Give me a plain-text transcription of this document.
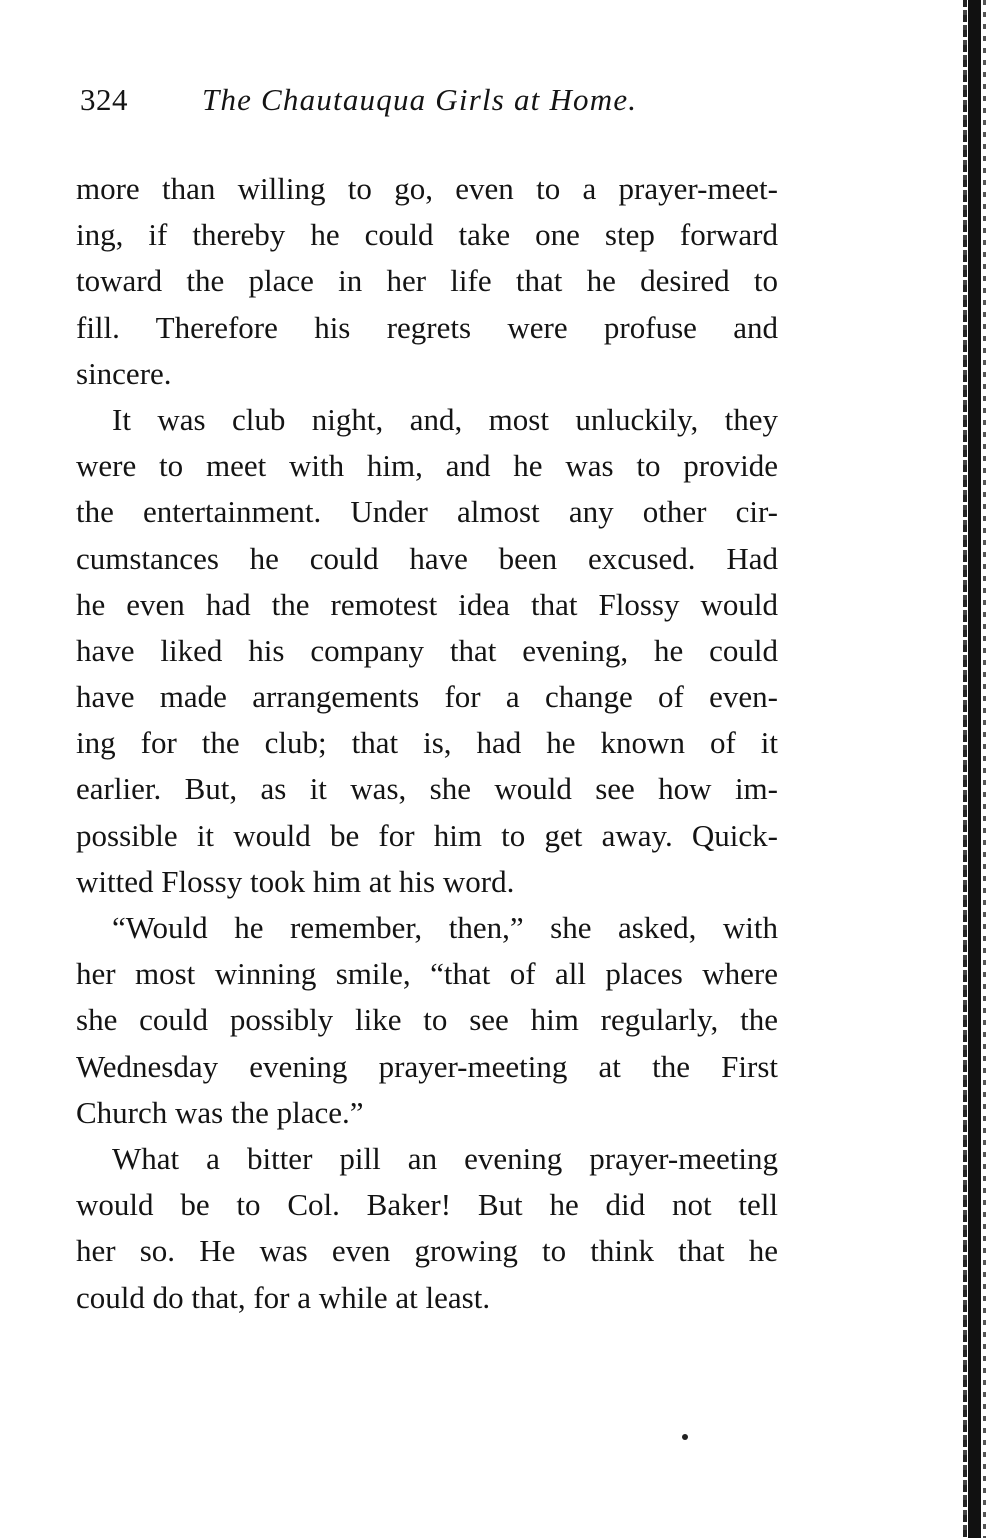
324 The Chautauqua Girls at Home.
more than willing to go, even to a prayer-meet-
ing, if thereby he could take one step forward
toward the place in her life that he desired to
fill. Therefore his regrets were profuse and
sincere.
It was club night, and, most unluckily, they
were to meet with him, and he was to provide
the entertainment. Under almost any other cir-
cumstances he could have been excused. Had
he even had the remotest idea that Flossy would
have liked his company that evening, he could
have made arrangements for a change of even-
ing for the club; that is, had he known of it
earlier. But, as it was, she would see how im-
possible it would be for him to get away. Quick-
witted Flossy took him at his word.
“Would he remember, then,” she asked, with
her most winning smile, “that of all places where
she could possibly like to see him regularly, the
Wednesday evening prayer-meeting at the First
Church was the place.”
What a bitter pill an evening prayer-meeting
would be to Col. Baker! But he did not tell
her so. He was even growing to think that he
could do that, for a while at least.
